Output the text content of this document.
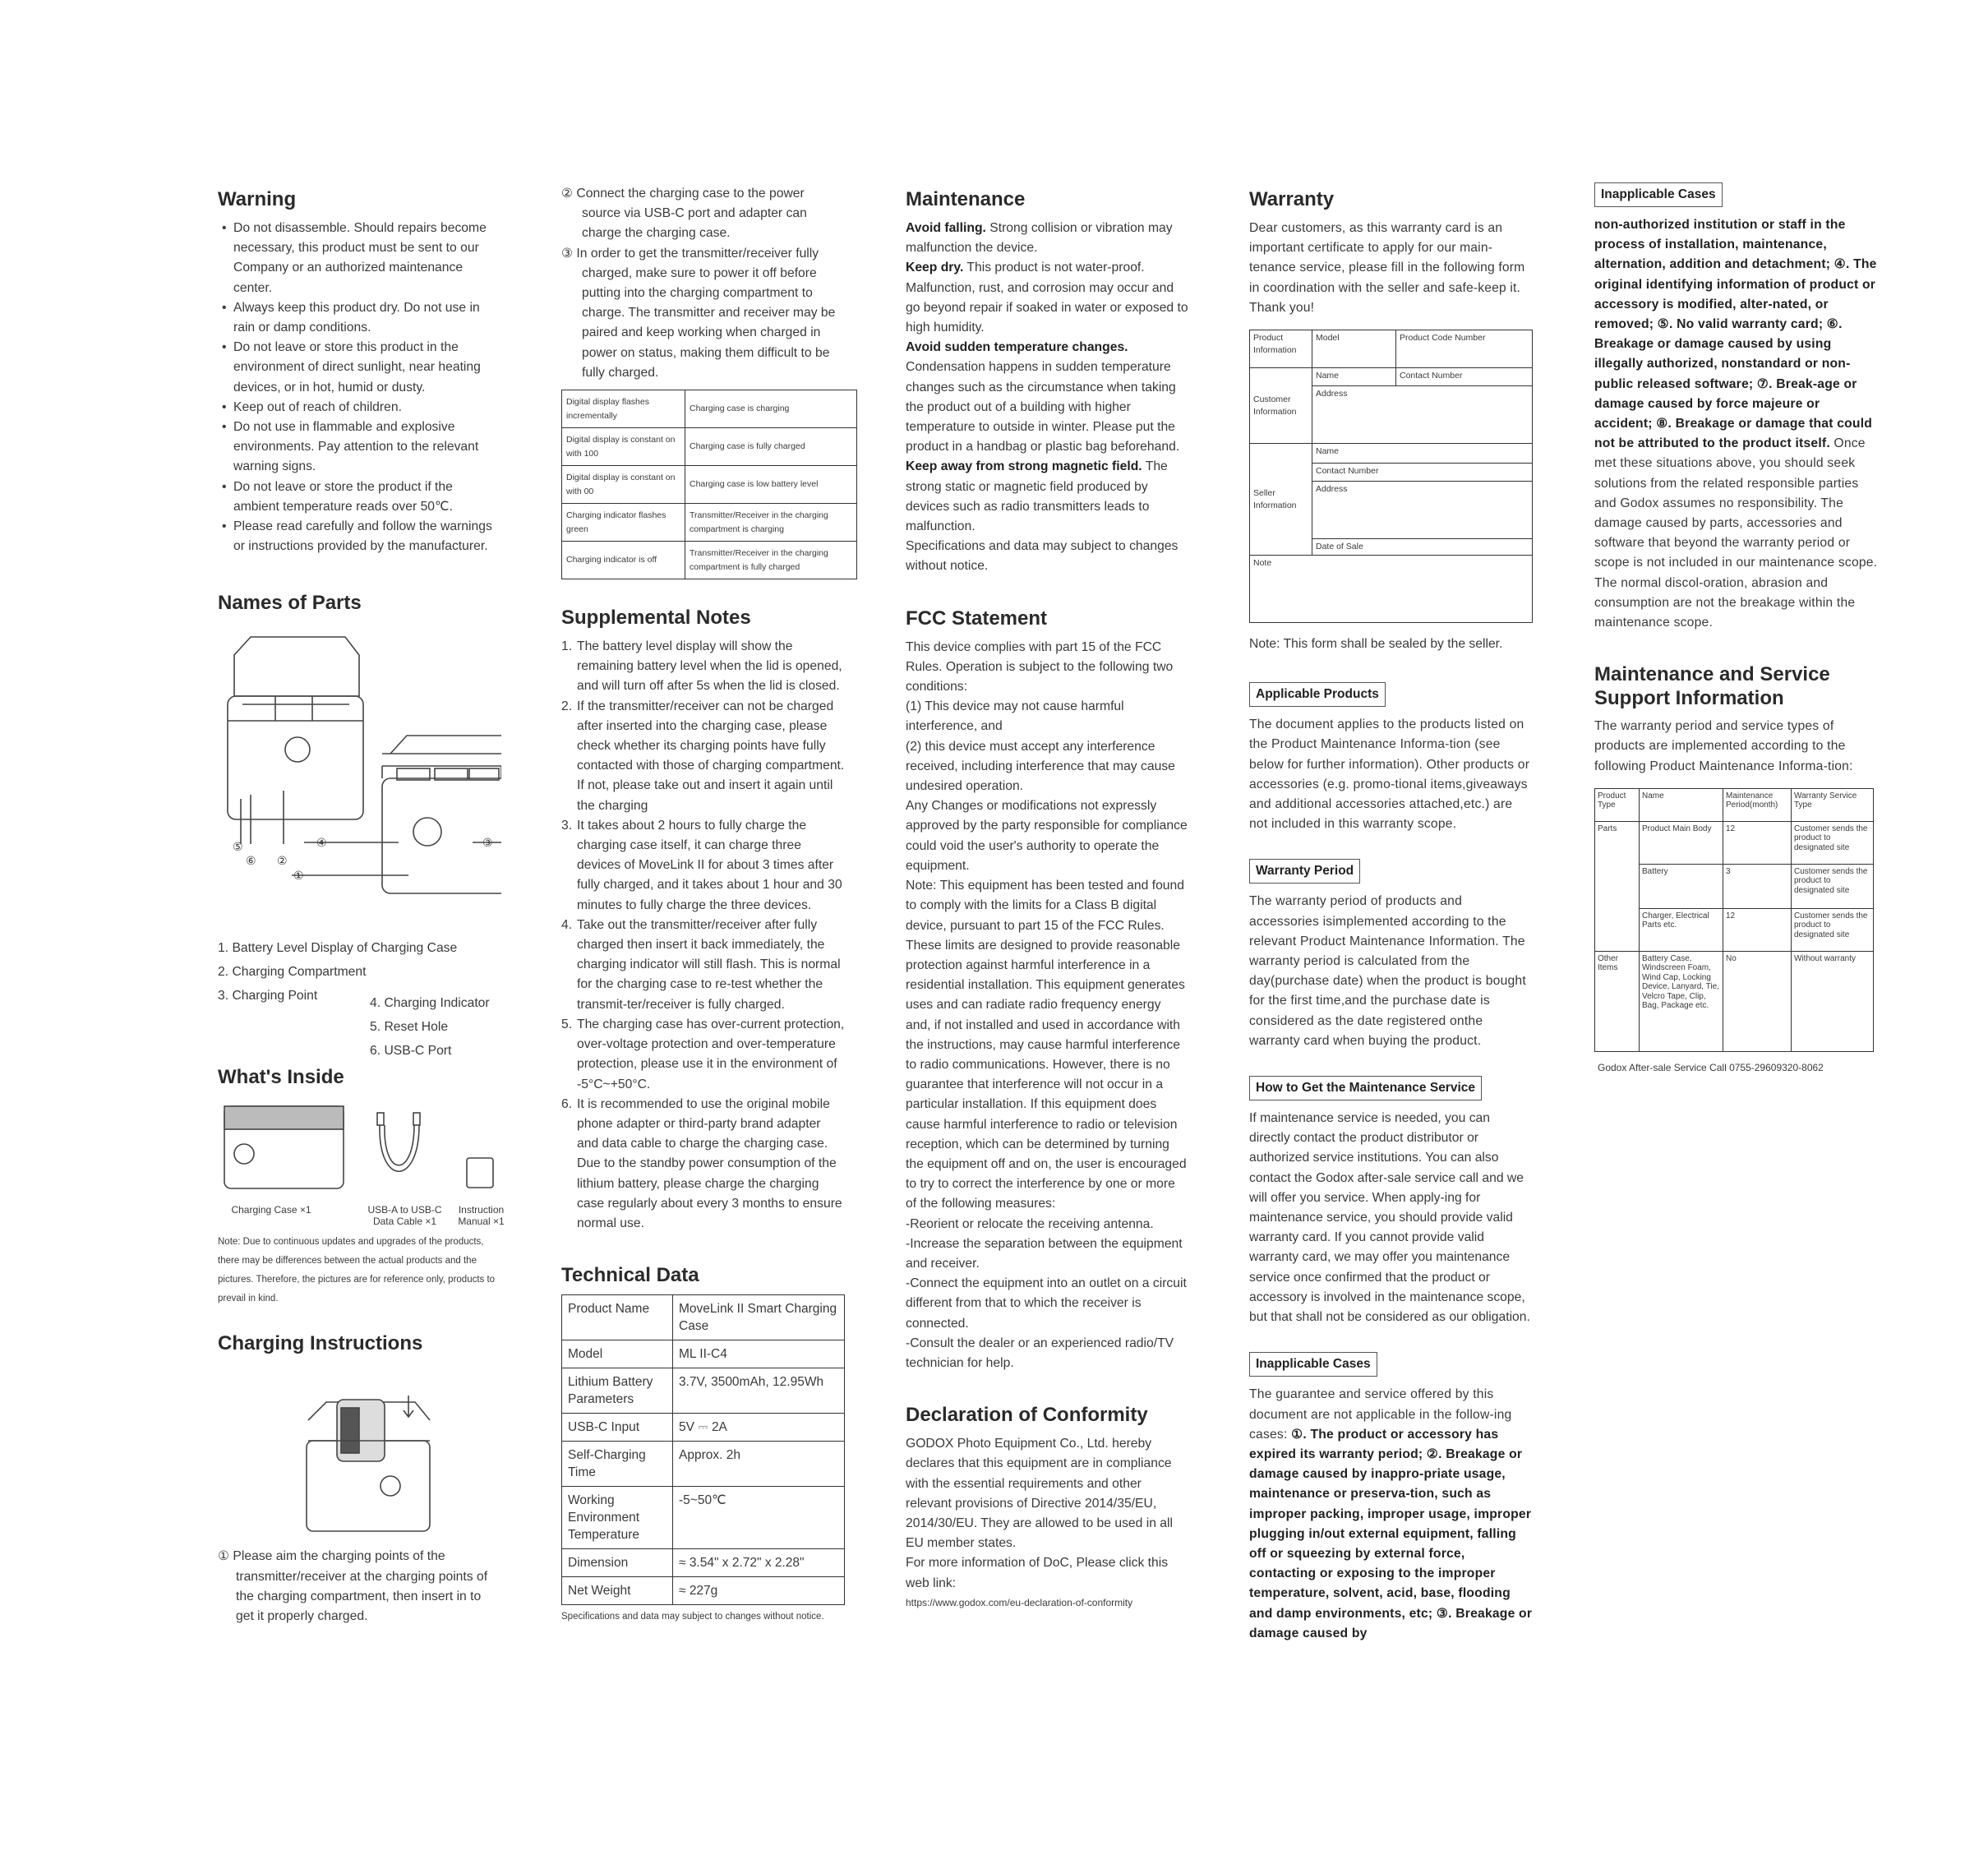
Warning
• Do not disassemble. Should repairs become necessary, this product must be sent to our Company or an authorized maintenance center.
• Always keep this product dry. Do not use in rain or damp conditions.
• Do not leave or store this product in the environment of direct sunlight, near heating devices, or in hot, humid or dusty.
• Keep out of reach of children.
• Do not use in flammable and explosive environments. Pay attention to the relevant warning signs.
• Do not leave or store the product if the ambient temperature reads over 50℃.
• Please read carefully and follow the warnings or instructions provided by the manufacturer.
Names of Parts
⑤
⑥ ②
④
①
③
1. Battery Level Display of Charging Case
2. Charging Compartment
3. Charging Point
4. Charging Indicator
5. Reset Hole
6. USB-C Port
What's Inside
Charging Case ×1	USB-A to USB-C Data Cable ×1
Instruction Manual ×1

Note: Due to continuous updates and upgrades of the products, there may be differences between the actual products and the pictures. Therefore, the pictures are for reference only, products to prevail in kind.

Charging Instructions

① Please aim the charging points of the transmitter/receiver at the charging points of the charging compartment, then insert in to get it properly charged.

② Connect the charging case to the power source via USB-C port and adapter can charge the charging case.

③ In order to get the transmitter/receiver fully charged, make sure to power it off before putting into the charging compartment to charge. The transmitter and receiver may be paired and keep working when charged in power on status, making them difficult to be fully charged.

Digital display flashes incrementally	Charging case is charging
Digital display is constant on with 100	Charging case is fully charged
Digital display is constant on with 00	Charging case is low battery level
Charging indicator flashes green	Transmitter/Receiver in the charging compartment is charging
Charging indicator is off	Transmitter/Receiver in the charging compartment is fully charged
Supplemental Notes
1. The battery level display will show the remaining battery level when the lid is opened, and will turn off after 5s when the lid is closed.
2. If the transmitter/receiver can not be charged after inserted into the charging case, please check whether its charging points have fully contacted with those of charging compartment. If not, please take out and insert it again until the charging
3. It takes about 2 hours to fully charge the charging case itself, it can charge three devices of MoveLink II for about 3 times after fully charged, and it takes about 1 hour and 30 minutes to fully charge the three devices.
4. Take out the transmitter/receiver after fully charged then insert it back immediately, the charging indicator will still flash. This is normal for the charging case to re-test whether the transmit-ter/receiver is fully charged.
5. The charging case has over-current protection, over-voltage protection and over-temperature protection, please use it in the environment of -5°C~+50°C.
6. It is recommended to use the original mobile phone adapter or third-party brand adapter and data cable to charge the charging case. Due to the standby power consumption of the lithium battery, please charge the charging case regularly about every 3 months to ensure normal use.
Technical Data
Product Name	MoveLink II Smart Charging Case
Model	ML II-C4
Lithium Battery Parameters	3.7V, 3500mAh, 12.95Wh
USB-C Input	5V ⎓ 2A
Self-Charging Time	Approx. 2h
Working Environment Temperature	-5~50℃
Dimension	≈ 3.54" x 2.72" x 2.28"
Net Weight	≈ 227g

Specifications and data may subject to changes without notice.

Maintenance

Avoid falling. Strong collision or vibration may malfunction the device.

Keep dry. This product is not water-proof. Malfunction, rust, and corrosion may occur and go beyond repair if soaked in water or exposed to high humidity.

Avoid sudden temperature changes. Condensation happens in sudden temperature changes such as the circumstance when taking the product out of a building with higher temperature to outside in winter. Please put the product in a handbag or plastic bag beforehand.

Keep away from strong magnetic field. The strong static or magnetic field produced by devices such as radio transmitters leads to malfunction.

Specifications and data may subject to changes without notice.

FCC Statement

This device complies with part 15 of the FCC Rules. Operation is subject to the following two conditions:
(1) This device may not cause harmful interference, and
(2) this device must accept any interference received, including interference that may cause undesired operation.
Any Changes or modifications not expressly approved by the party responsible for compliance could void the user's authority to operate the equipment.
Note: This equipment has been tested and found to comply with the limits for a Class B digital device, pursuant to part 15 of the FCC Rules. These limits are designed to provide reasonable protection against harmful interference in a residential installation. This equipment generates uses and can radiate radio frequency energy and, if not installed and used in accordance with the instructions, may cause harmful interference to radio communications. However, there is no guarantee that interference will not occur in a particular installation. If this equipment does cause harmful interference to radio or television reception, which can be determined by turning the equipment off and on, the user is encouraged to try to correct the interference by one or more of the following measures:
-Reorient or relocate the receiving antenna.
-Increase the separation between the equipment and receiver.
-Connect the equipment into an outlet on a circuit different from that to which the receiver is connected.
-Consult the dealer or an experienced radio/TV technician for help.

Declaration of Conformity

GODOX Photo Equipment Co., Ltd. hereby declares that this equipment are in compliance with the essential requirements and other relevant provisions of Directive 2014/35/EU, 2014/30/EU. They are allowed to be used in all EU member states.
For more information of DoC, Please click this web link:

https://www.godox.com/eu-declaration-of-conformity

Warranty

Dear customers, as this warranty card is an important certificate to apply for our main-tenance service, please fill in the following form in coordination with the seller and safe-keep it. Thank you!

Product Information	Model	Product Code Number
Customer Information	Name	Contact Number
	Address	
Seller Information	Name	
	Contact Number	
	Address	
	Date of Sale	
Note		

Note: This form shall be sealed by the seller.

Applicable Products

The document applies to the products listed on the Product Maintenance Informa-tion (see below for further information). Other products or accessories (e.g. promo-tional items,giveaways and additional accessories attached,etc.) are not included in this warranty scope.

Warranty Period

The warranty period of products and accessories isimplemented according to the relevant Product Maintenance Information. The warranty period is calculated from the day(purchase date) when the product is bought for the first time,and the purchase date is considered as the date registered onthe warranty card when buying the product.

How to Get the Maintenance Service

If maintenance service is needed, you can directly contact the product distributor or authorized service institutions. You can also contact the Godox after-sale service call and we will offer you service. When apply-ing for maintenance service, you should provide valid warranty card. If you cannot provide valid warranty card, we may offer you maintenance service once confirmed that the product or accessory is involved in the maintenance scope, but that shall not be considered as our obligation.

Inapplicable Cases

The guarantee and service offered by this document are not applicable in the follow-ing cases: ①. The product or accessory has expired its warranty period; ②. Breakage or damage caused by inappro-priate usage, maintenance or preserva-tion, such as improper packing, improper usage, improper plugging in/out external equipment, falling off or squeezing by external force, contacting or exposing to the improper temperature, solvent, acid, base, flooding and damp environments, etc; ③. Breakage or damage caused by

Inapplicable Cases

non-authorized institution or staff in the process of installation, maintenance, alternation, addition and detachment; ④. The original identifying information of product or accessory is modified, alter-nated, or removed; ⑤. No valid warranty card; ⑥. Breakage or damage caused by using illegally authorized, nonstandard or non-public released software; ⑦. Break-age or damage caused by force majeure or accident; ⑧. Breakage or damage that could not be attributed to the product itself. Once met these situations above, you should seek solutions from the related responsible parties and Godox assumes no responsibility. The damage caused by parts, accessories and software that beyond the warranty period or scope is not included in our maintenance scope. The normal discol-oration, abrasion and consumption are not the breakage within the maintenance scope.

Maintenance and Service Support Information

The warranty period and service types of products are implemented according to the following Product Maintenance Informa-tion:

Product Type	Name	Maintenance Period(month)	Warranty Service Type
Parts	Product Main Body	12	Customer sends the product to designated site
	Battery	3	Customer sends the product to designated site
	Charger, Electrical Parts etc.	12	Customer sends the product to designated site
Other Items	Battery Case, Windscreen Foam, Wind Cap, Locking Device, Lanyard, Tie, Velcro Tape, Clip, Bag, Package etc.	No	Without warranty

Godox After-sale Service Call 0755-29609320-8062
